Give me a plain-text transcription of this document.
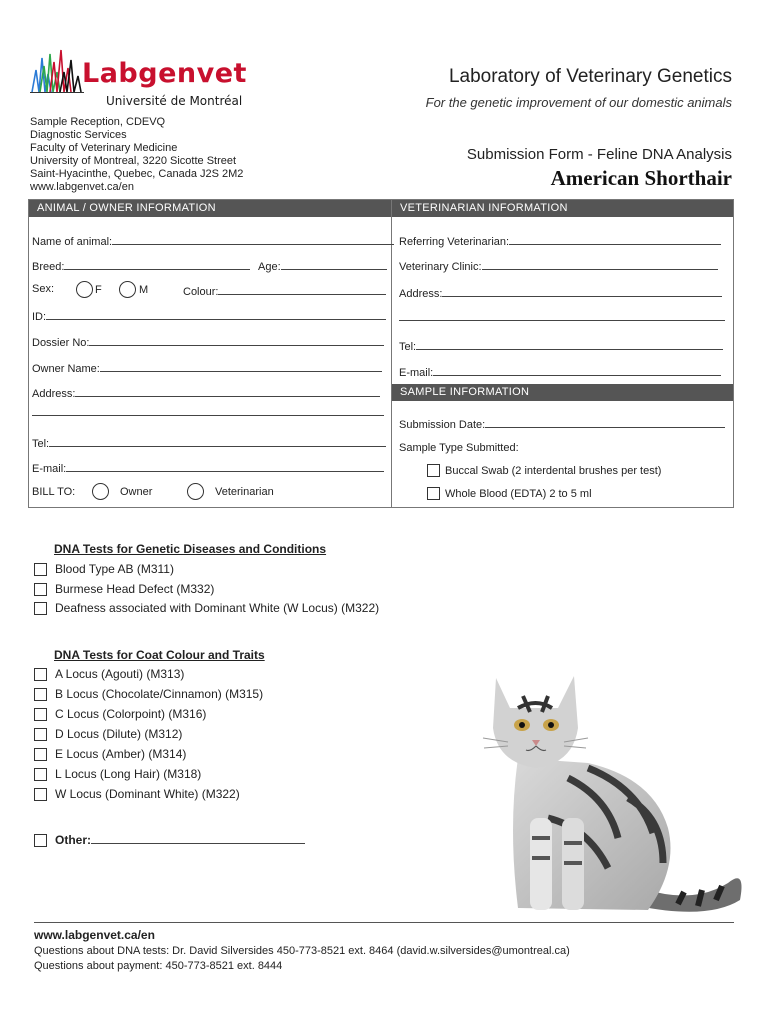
Labgenvet
Université de Montréal
Laboratory of Veterinary Genetics
For the genetic improvement of our domestic animals
Sample Reception, CDEVQ
Diagnostic Services
Faculty of Veterinary Medicine
University of Montreal, 3220 Sicotte Street
Saint-Hyacinthe, Quebec, Canada J2S 2M2
www.labgenvet.ca/en
Submission Form - Feline DNA Analysis
American Shorthair
ANIMAL / OWNER INFORMATION	VETERINARIAN INFORMATION
Name of animal:
Breed:	Age:
Sex:	F	M	Colour:
ID:
Dossier No:
Owner Name:
Address:
Tel:
E-mail:
BILL TO:	Owner	Veterinarian
Referring Veterinarian:
Veterinary Clinic:
Address:
Tel:
E-mail:
SAMPLE INFORMATION
Submission Date:
Sample Type Submitted:
Buccal Swab (2 interdental brushes per test)
Whole Blood (EDTA) 2 to 5 ml
DNA Tests for Genetic Diseases and Conditions
Blood Type AB (M311)
Burmese Head Defect (M332)
Deafness associated with Dominant White (W Locus) (M322)
DNA Tests for Coat Colour and Traits
A Locus (Agouti) (M313)
B Locus (Chocolate/Cinnamon) (M315)
C Locus (Colorpoint) (M316)
D Locus (Dilute) (M312)
E Locus (Amber) (M314)
L Locus (Long Hair) (M318)
W Locus (Dominant White) (M322)
Other:
www.labgenvet.ca/en
Questions about DNA tests: Dr. David Silversides 450-773-8521 ext. 8464 (david.w.silversides@umontreal.ca)
Questions about payment: 450-773-8521 ext. 8444
